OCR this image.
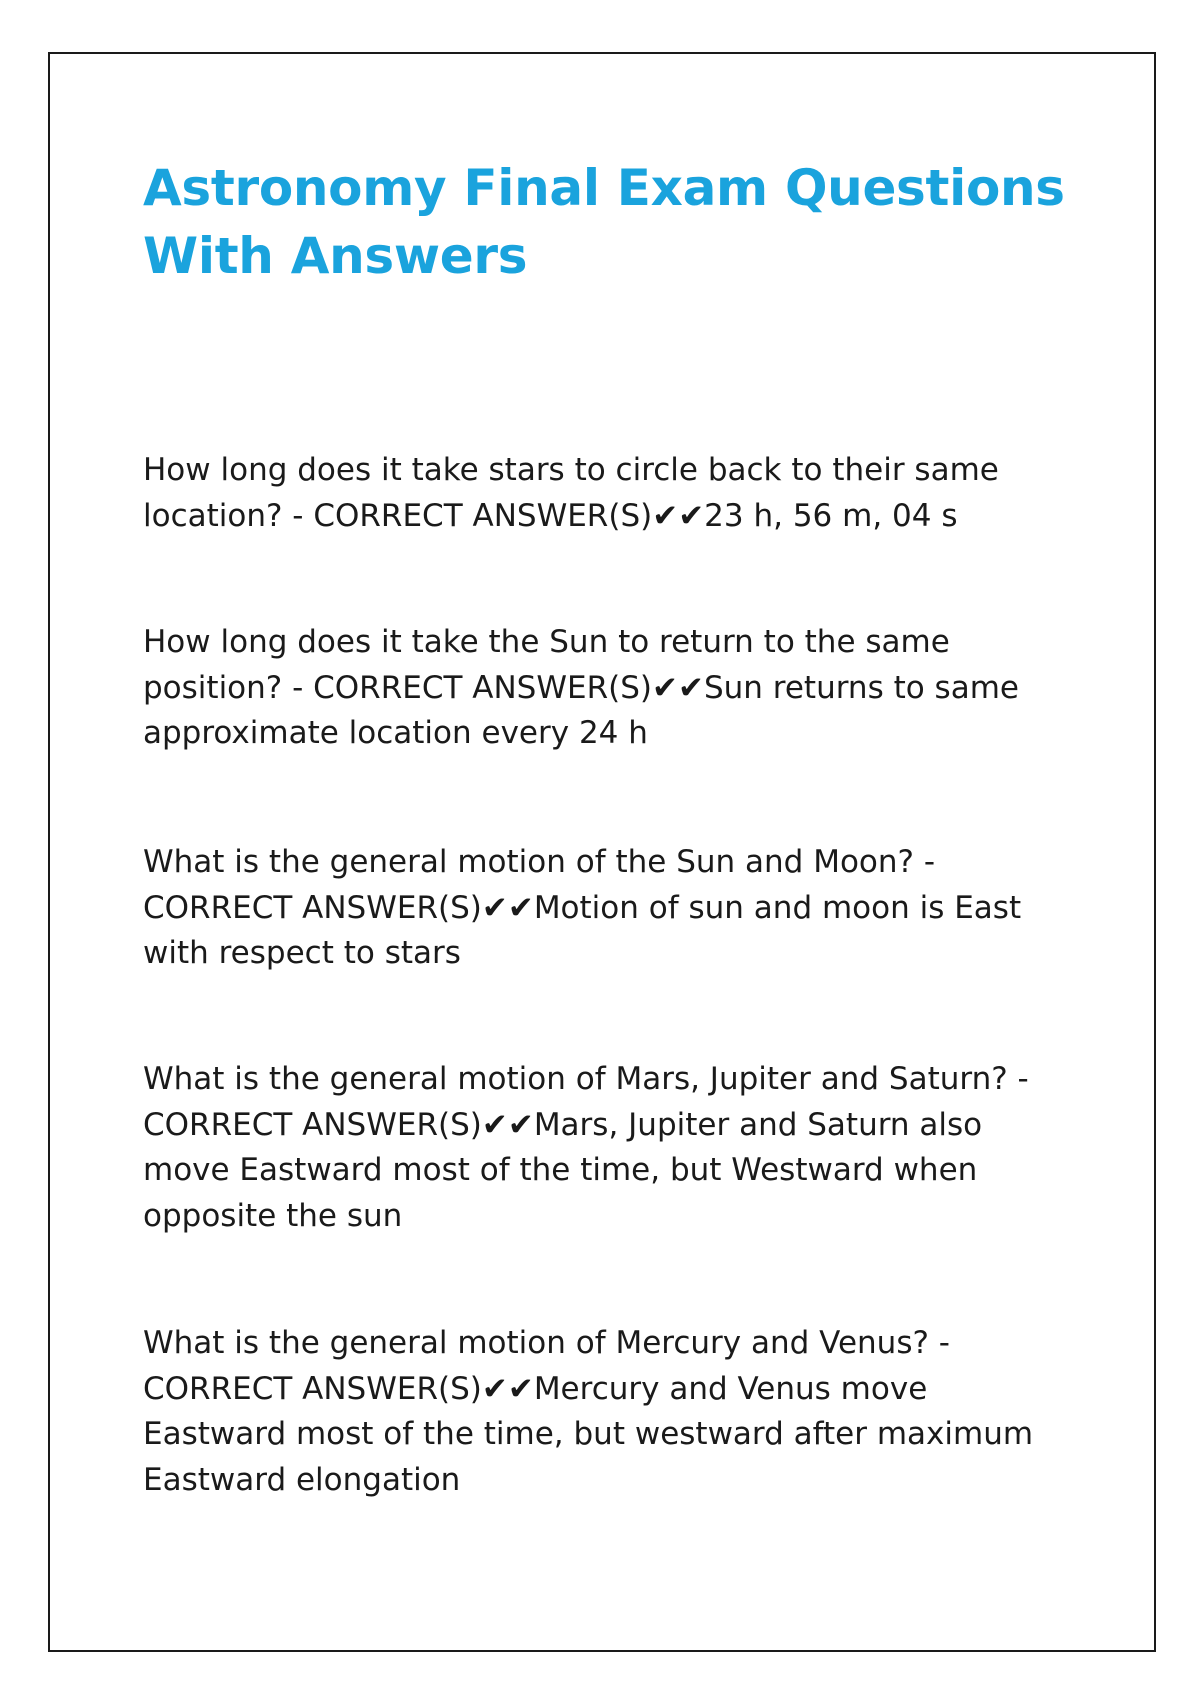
Astronomy Final Exam Questions With Answers

How long does it take stars to circle back to their same location? - CORRECT ANSWER(S)✔✔23 h, 56 m, 04 s

How long does it take the Sun to return to the same position? - CORRECT ANSWER(S)✔✔Sun returns to same approximate location every 24 h

What is the general motion of the Sun and Moon? - CORRECT ANSWER(S)✔✔Motion of sun and moon is East with respect to stars

What is the general motion of Mars, Jupiter and Saturn? - CORRECT ANSWER(S)✔✔Mars, Jupiter and Saturn also move Eastward most of the time, but Westward when opposite the sun

What is the general motion of Mercury and Venus? - CORRECT ANSWER(S)✔✔Mercury and Venus move Eastward most of the time, but westward after maximum Eastward elongation
